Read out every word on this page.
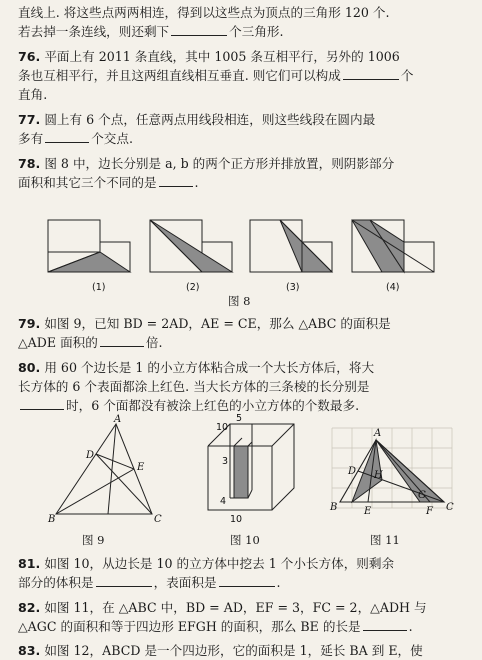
直线上. 将这些点两两相连，得到以这些点为顶点的三角形 120 个.
若去掉一条连线，则还剩下	个三角形.
76. 平面上有 2011 条直线，其中 1005 条互相平行，另外的 1006
条也互相平行，并且这两组直线相互垂直. 则它们可以构成	个
直角.
77. 圆上有 6 个点，任意两点用线段相连，则这些线段在圆内最
多有	个交点.
78. 图 8 中，边长分别是 a, b 的两个正方形并排放置，则阴影部分
面积和其它三个不同的是	.
(1)	(2)	(3)	(4)
图 8
79. 如图 9，已知 BD = 2AD，AE = CE，那么 △ABC 的面积是
△ADE 面积的	倍.
80. 用 60 个边长是 1 的小立方体粘合成一个大长方体后，将大
长方体的 6 个表面都涂上红色. 当大长方体的三条棱的长分别是
时，6 个面都没有被涂上红色的小立方体的个数最多.
A
D
E
B	C
图 9
10
5
3
4
10
图 10
A
D H
B	E
G
F C
图 11
81. 如图 10，从边长是 10 的立方体中挖去 1 个小长方体，则剩余
部分的体积是	，表面积是	.
82. 如图 11，在 △ABC 中，BD = AD，EF = 3，FC = 2，△ADH 与
△AGC 的面积和等于四边形 EFGH 的面积，那么 BE 的长是	.
83. 如图 12，ABCD 是一个四边形，它的面积是 1，延长 BA 到 E，使
